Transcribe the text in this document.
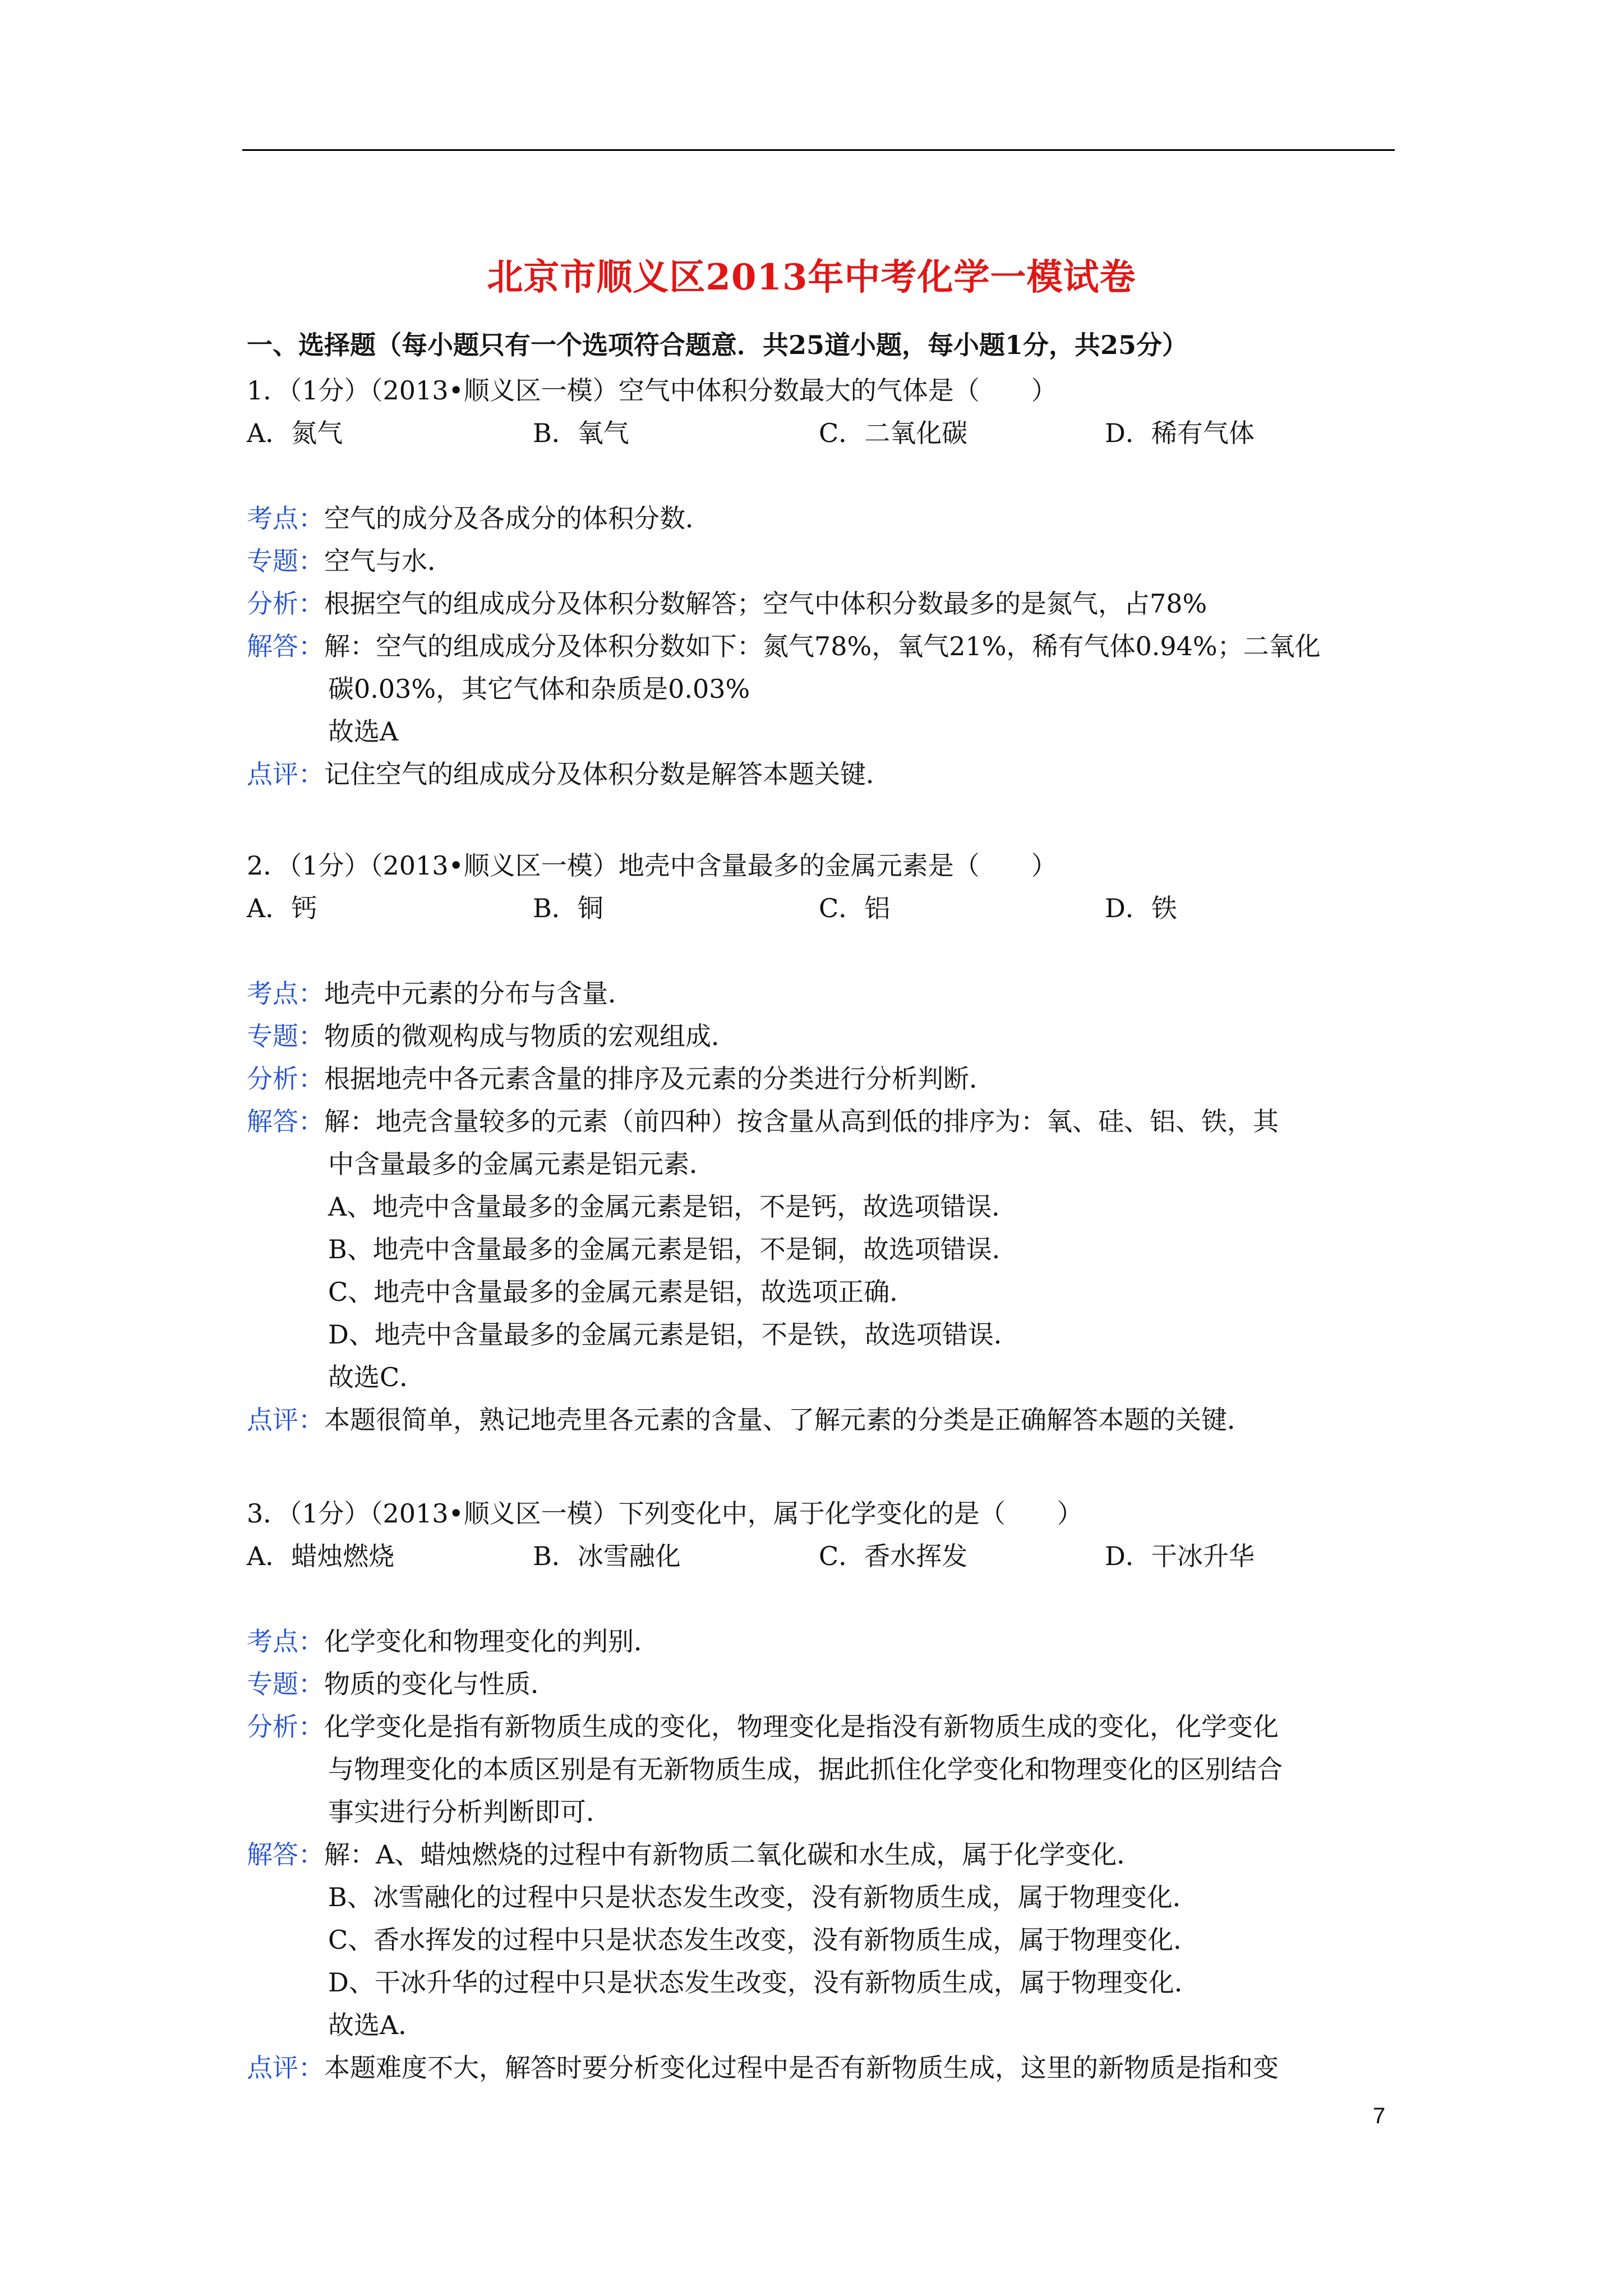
北京市顺义区2013年中考化学一模试卷
一、选择题（每小题只有一个选项符合题意．共25道小题，每小题1分，共25分）
1．（1分）（2013•顺义区一模）空气中体积分数最大的气体是（　　）
A．氮气	B．氧气	C．二氧化碳	D．稀有气体
考点：空气的成分及各成分的体积分数．
专题：空气与水．
分析：根据空气的组成成分及体积分数解答；空气中体积分数最多的是氮气，占78%
解答：解：空气的组成成分及体积分数如下：氮气78%，氧气21%，稀有气体0.94%；二氧化
碳0.03%，其它气体和杂质是0.03%
故选A
点评：记住空气的组成成分及体积分数是解答本题关键．
2．（1分）（2013•顺义区一模）地壳中含量最多的金属元素是（　　）
A．钙	B．铜	C．铝	D．铁
考点：地壳中元素的分布与含量．
专题：物质的微观构成与物质的宏观组成．
分析：根据地壳中各元素含量的排序及元素的分类进行分析判断．
解答：解：地壳含量较多的元素（前四种）按含量从高到低的排序为：氧、硅、铝、铁，其
中含量最多的金属元素是铝元素．
A、地壳中含量最多的金属元素是铝，不是钙，故选项错误．
B、地壳中含量最多的金属元素是铝，不是铜，故选项错误．
C、地壳中含量最多的金属元素是铝，故选项正确．
D、地壳中含量最多的金属元素是铝，不是铁，故选项错误．
故选C．
点评：本题很简单，熟记地壳里各元素的含量、了解元素的分类是正确解答本题的关键．
3．（1分）（2013•顺义区一模）下列变化中，属于化学变化的是（　　）
A．蜡烛燃烧	B．冰雪融化	C．香水挥发	D．干冰升华
考点：化学变化和物理变化的判别．
专题：物质的变化与性质．
分析：化学变化是指有新物质生成的变化，物理变化是指没有新物质生成的变化，化学变化
与物理变化的本质区别是有无新物质生成，据此抓住化学变化和物理变化的区别结合
事实进行分析判断即可．
解答：解：A、蜡烛燃烧的过程中有新物质二氧化碳和水生成，属于化学变化．
B、冰雪融化的过程中只是状态发生改变，没有新物质生成，属于物理变化．
C、香水挥发的过程中只是状态发生改变，没有新物质生成，属于物理变化．
D、干冰升华的过程中只是状态发生改变，没有新物质生成，属于物理变化．
故选A．
点评：本题难度不大，解答时要分析变化过程中是否有新物质生成，这里的新物质是指和变
7
